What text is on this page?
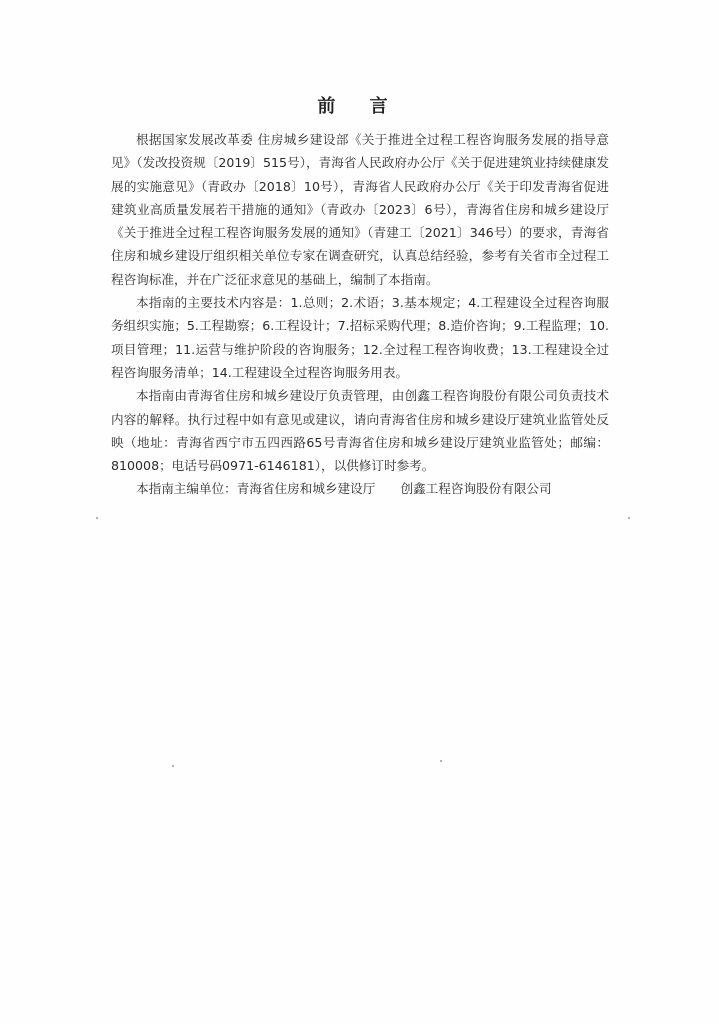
前 言

根据国家发展改革委 住房城乡建设部《关于推进全过程工程咨询服务发展的指导意见》（发改投资规〔2019〕515号），青海省人民政府办公厅《关于促进建筑业持续健康发展的实施意见》（青政办〔2018〕10号），青海省人民政府办公厅《关于印发青海省促进建筑业高质量发展若干措施的通知》（青政办〔2023〕6号），青海省住房和城乡建设厅《关于推进全过程工程咨询服务发展的通知》（青建工〔2021〕346号）的要求，青海省住房和城乡建设厅组织相关单位专家在调查研究，认真总结经验，参考有关省市全过程工程咨询标准，并在广泛征求意见的基础上，编制了本指南。

本指南的主要技术内容是：1.总则；2.术语；3.基本规定；4.工程建设全过程咨询服务组织实施；5.工程勘察；6.工程设计；7.招标采购代理；8.造价咨询；9.工程监理；10.项目管理；11.运营与维护阶段的咨询服务；12.全过程工程咨询收费；13.工程建设全过程咨询服务清单；14.工程建设全过程咨询服务用表。

本指南由青海省住房和城乡建设厅负责管理，由创鑫工程咨询股份有限公司负责技术内容的解释。执行过程中如有意见或建议，请向青海省住房和城乡建设厅建筑业监管处反映（地址：青海省西宁市五四西路65号青海省住房和城乡建设厅建筑业监管处；邮编：810008；电话号码0971-6146181），以供修订时参考。

本指南主编单位：青海省住房和城乡建设厅　　创鑫工程咨询股份有限公司
